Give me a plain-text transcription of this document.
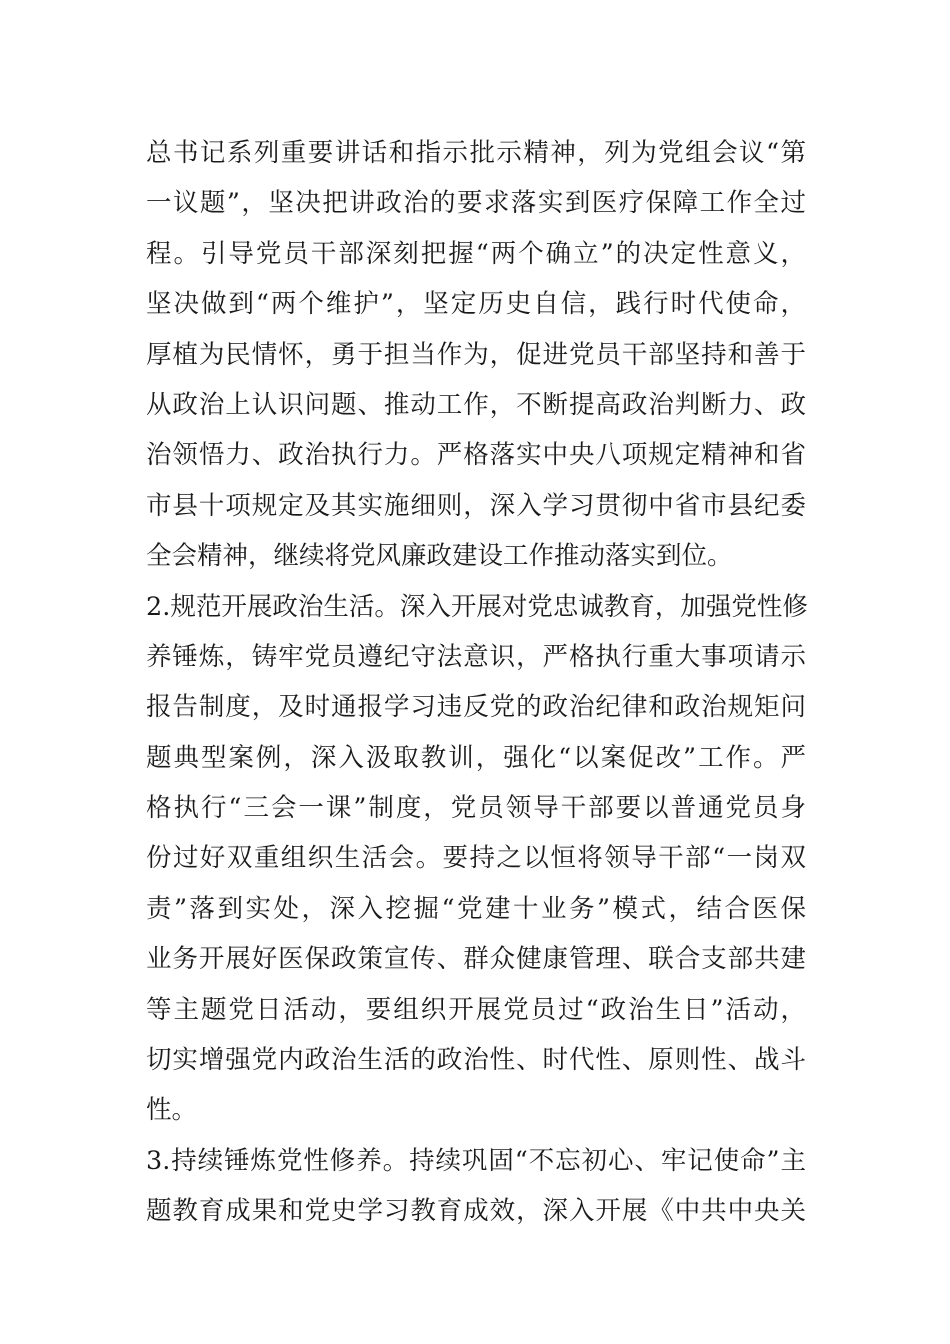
总书记系列重要讲话和指示批示精神，列为党组会议“第
一议题”，坚决把讲政治的要求落实到医疗保障工作全过
程。引导党员干部深刻把握“两个确立”的决定性意义，
坚决做到“两个维护”，坚定历史自信，践行时代使命，
厚植为民情怀，勇于担当作为，促进党员干部坚持和善于
从政治上认识问题、推动工作，不断提高政治判断力、政
治领悟力、政治执行力。严格落实中央八项规定精神和省
市县十项规定及其实施细则，深入学习贯彻中省市县纪委
全会精神，继续将党风廉政建设工作推动落实到位。
2.规范开展政治生活。深入开展对党忠诚教育，加强党性修
养锤炼，铸牢党员遵纪守法意识，严格执行重大事项请示
报告制度，及时通报学习违反党的政治纪律和政治规矩问
题典型案例，深入汲取教训，强化“以案促改”工作。严
格执行“三会一课”制度，党员领导干部要以普通党员身
份过好双重组织生活会。要持之以恒将领导干部“一岗双
责”落到实处，深入挖掘“党建十业务”模式，结合医保
业务开展好医保政策宣传、群众健康管理、联合支部共建
等主题党日活动，要组织开展党员过“政治生日”活动，
切实增强党内政治生活的政治性、时代性、原则性、战斗
性。
3.持续锤炼党性修养。持续巩固“不忘初心、牢记使命”主
题教育成果和党史学习教育成效，深入开展《中共中央关
